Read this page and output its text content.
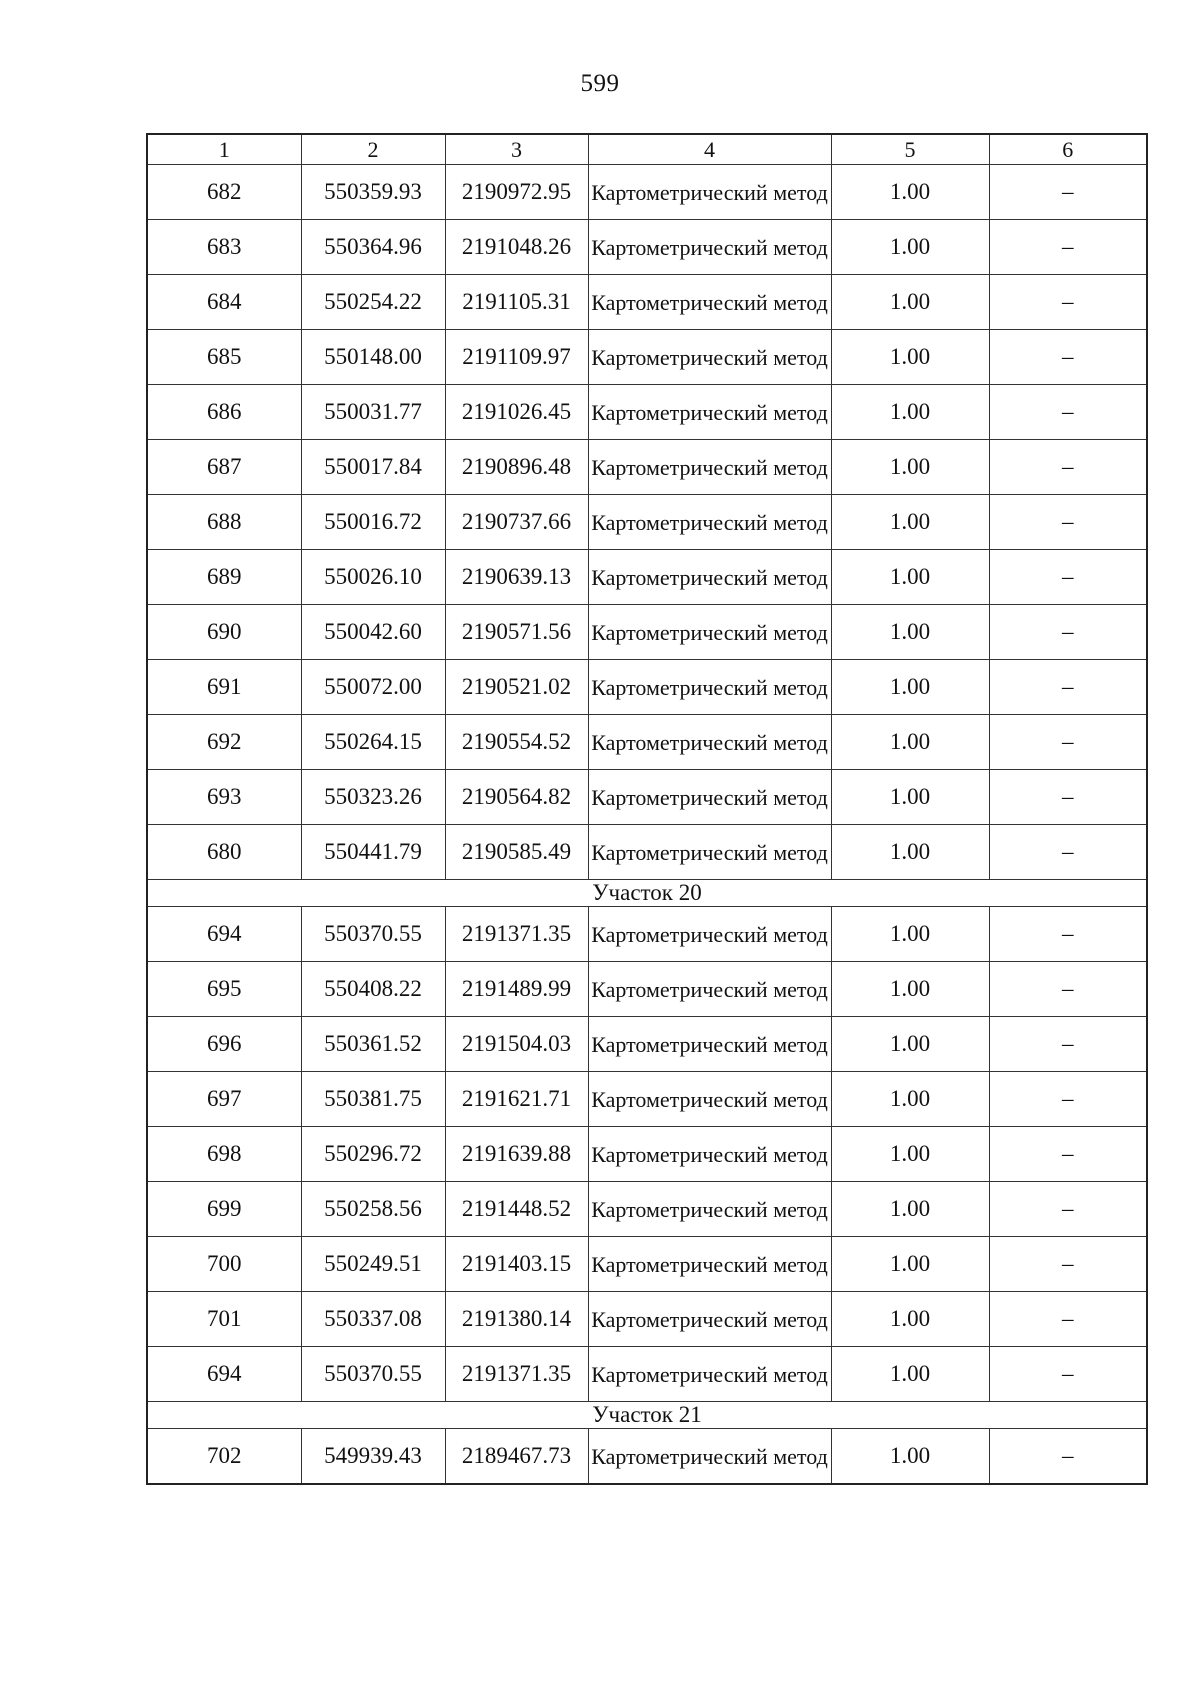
599
1	2	3	4	5	6
682	550359.93	2190972.95	Картометрический метод	1.00	–
683	550364.96	2191048.26	Картометрический метод	1.00	–
684	550254.22	2191105.31	Картометрический метод	1.00	–
685	550148.00	2191109.97	Картометрический метод	1.00	–
686	550031.77	2191026.45	Картометрический метод	1.00	–
687	550017.84	2190896.48	Картометрический метод	1.00	–
688	550016.72	2190737.66	Картометрический метод	1.00	–
689	550026.10	2190639.13	Картометрический метод	1.00	–
690	550042.60	2190571.56	Картометрический метод	1.00	–
691	550072.00	2190521.02	Картометрический метод	1.00	–
692	550264.15	2190554.52	Картометрический метод	1.00	–
693	550323.26	2190564.82	Картометрический метод	1.00	–
680	550441.79	2190585.49	Картометрический метод	1.00	–
Участок 20					
694	550370.55	2191371.35	Картометрический метод	1.00	–
695	550408.22	2191489.99	Картометрический метод	1.00	–
696	550361.52	2191504.03	Картометрический метод	1.00	–
697	550381.75	2191621.71	Картометрический метод	1.00	–
698	550296.72	2191639.88	Картометрический метод	1.00	–
699	550258.56	2191448.52	Картометрический метод	1.00	–
700	550249.51	2191403.15	Картометрический метод	1.00	–
701	550337.08	2191380.14	Картометрический метод	1.00	–
694	550370.55	2191371.35	Картометрический метод	1.00	–
Участок 21					
702	549939.43	2189467.73	Картометрический метод	1.00	–
